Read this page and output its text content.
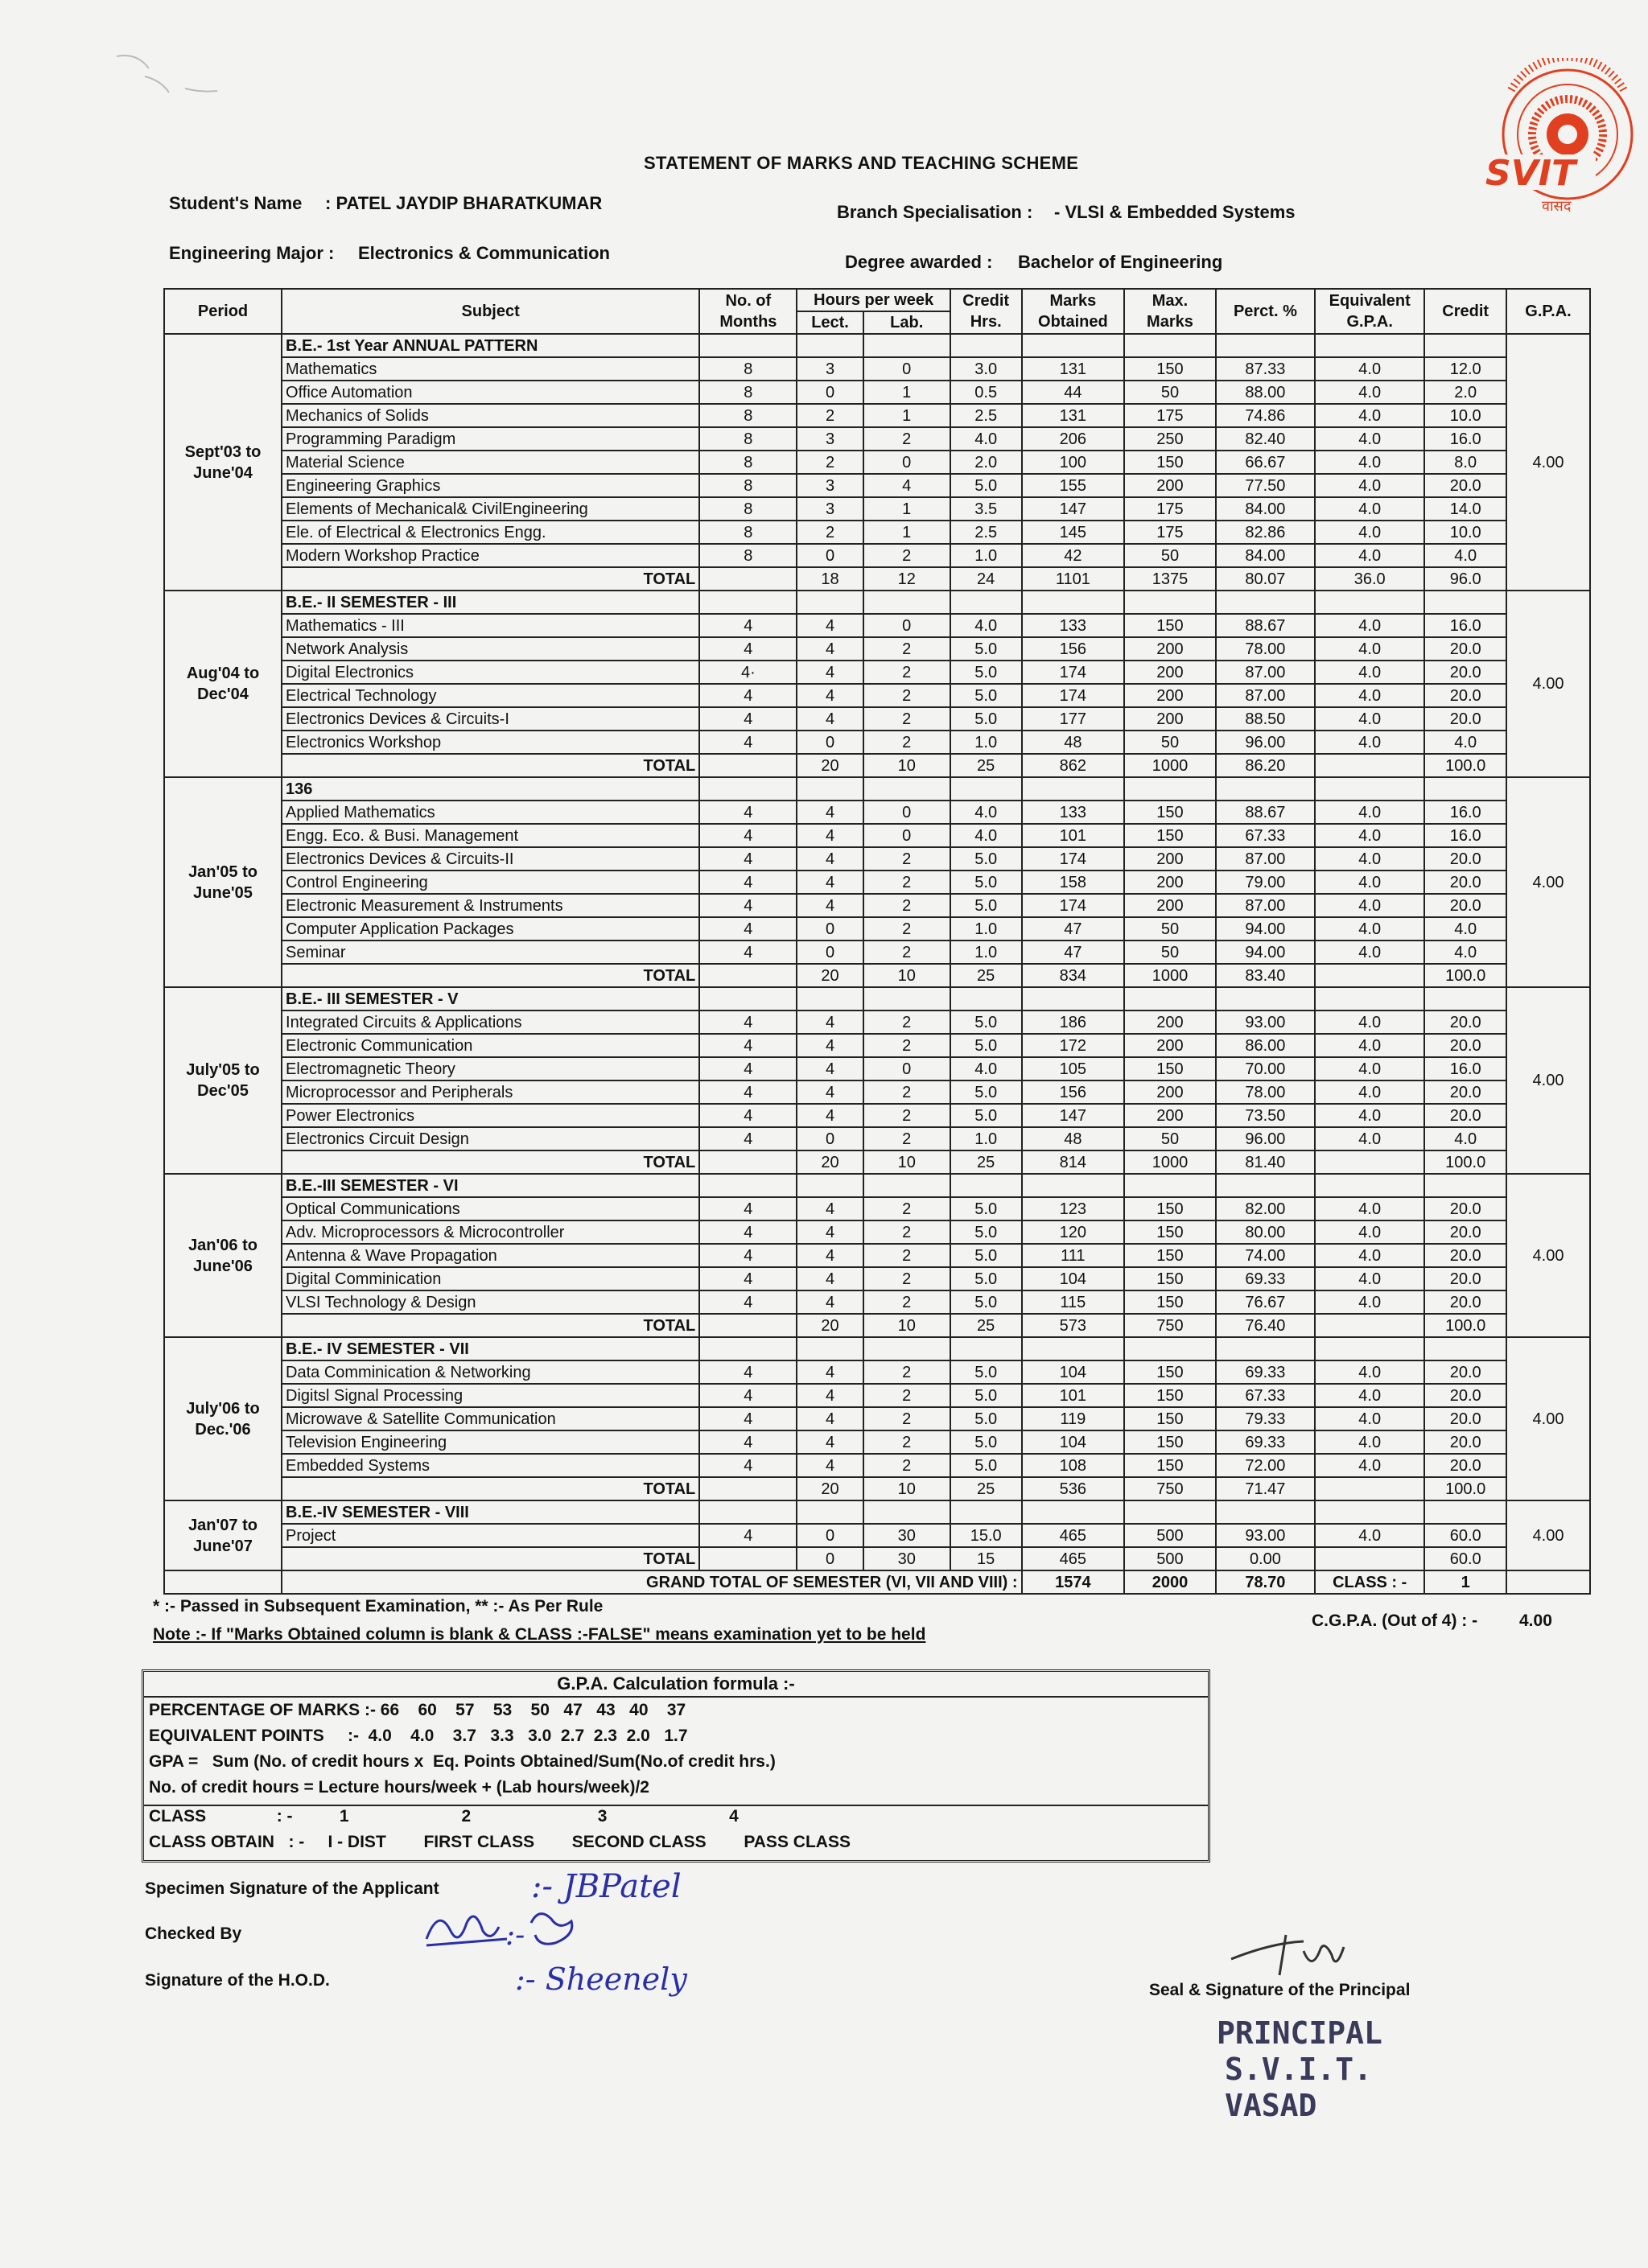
STATEMENT OF MARKS AND TEACHING SCHEME	SVIT
वासद
Student's Name : PATEL JAYDIP BHARATKUMAR	Branch Specialisation : - VLSI & Embedded Systems
Engineering Major : Electronics & Communication	Degree awarded : Bachelor of Engineering
Period	Subject	No. of Months	Hours per week		Credit Hrs.	Marks Obtained	Max. Marks	Perct. %	Equivalent G.P.A.	Credit	G.P.A.
			Lect.	Lab.							
Sept'03 to June'04	B.E.- 1st Year ANNUAL PATTERN										4.00
	Mathematics	8	3	0	3.0	131	150	87.33	4.0	12.0	
	Office Automation	8	0	1	0.5	44	50	88.00	4.0	2.0	
	Mechanics of Solids	8	2	1	2.5	131	175	74.86	4.0	10.0	
	Programming Paradigm	8	3	2	4.0	206	250	82.40	4.0	16.0	
	Material Science	8	2	0	2.0	100	150	66.67	4.0	8.0	
	Engineering Graphics	8	3	4	5.0	155	200	77.50	4.0	20.0	
	Elements of Mechanical& CivilEngineering	8	3	1	3.5	147	175	84.00	4.0	14.0	
	Ele. of Electrical & Electronics Engg.	8	2	1	2.5	145	175	82.86	4.0	10.0	
	Modern Workshop Practice	8	0	2	1.0	42	50	84.00	4.0	4.0	
	TOTAL		18	12	24	1101	1375	80.07	36.0	96.0	
Aug'04 to Dec'04	B.E.- II SEMESTER - III										4.00
	Mathematics - III	4	4	0	4.0	133	150	88.67	4.0	16.0	
	Network Analysis	4	4	2	5.0	156	200	78.00	4.0	20.0	
	Digital Electronics	4·	4	2	5.0	174	200	87.00	4.0	20.0	
	Electrical Technology	4	4	2	5.0	174	200	87.00	4.0	20.0	
	Electronics Devices & Circuits-I	4	4	2	5.0	177	200	88.50	4.0	20.0	
	Electronics Workshop	4	0	2	1.0	48	50	96.00	4.0	4.0	
	TOTAL		20	10	25	862	1000	86.20		100.0	
Jan'05 to June'05	136										4.00
	Applied Mathematics	4	4	0	4.0	133	150	88.67	4.0	16.0	
	Engg. Eco. & Busi. Management	4	4	0	4.0	101	150	67.33	4.0	16.0	
	Electronics Devices & Circuits-II	4	4	2	5.0	174	200	87.00	4.0	20.0	
	Control Engineering	4	4	2	5.0	158	200	79.00	4.0	20.0	
	Electronic Measurement & Instruments	4	4	2	5.0	174	200	87.00	4.0	20.0	
	Computer Application Packages	4	0	2	1.0	47	50	94.00	4.0	4.0	
	Seminar	4	0	2	1.0	47	50	94.00	4.0	4.0	
	TOTAL		20	10	25	834	1000	83.40		100.0	
July'05 to Dec'05	B.E.- III SEMESTER - V										4.00
	Integrated Circuits & Applications	4	4	2	5.0	186	200	93.00	4.0	20.0	
	Electronic Communication	4	4	2	5.0	172	200	86.00	4.0	20.0	
	Electromagnetic Theory	4	4	0	4.0	105	150	70.00	4.0	16.0	
	Microprocessor and Peripherals	4	4	2	5.0	156	200	78.00	4.0	20.0	
	Power Electronics	4	4	2	5.0	147	200	73.50	4.0	20.0	
	Electronics Circuit Design	4	0	2	1.0	48	50	96.00	4.0	4.0	
	TOTAL		20	10	25	814	1000	81.40		100.0	
Jan'06 to June'06	B.E.-III SEMESTER - VI										4.00
	Optical Communications	4	4	2	5.0	123	150	82.00	4.0	20.0	
	Adv. Microprocessors & Microcontroller	4	4	2	5.0	120	150	80.00	4.0	20.0	
	Antenna & Wave Propagation	4	4	2	5.0	111	150	74.00	4.0	20.0	
	Digital Comminication	4	4	2	5.0	104	150	69.33	4.0	20.0	
	VLSI Technology & Design	4	4	2	5.0	115	150	76.67	4.0	20.0	
	TOTAL		20	10	25	573	750	76.40		100.0	
July'06 to Dec.'06	B.E.- IV SEMESTER - VII										4.00
	Data Comminication & Networking	4	4	2	5.0	104	150	69.33	4.0	20.0	
	Digitsl Signal Processing	4	4	2	5.0	101	150	67.33	4.0	20.0	
	Microwave & Satellite Communication	4	4	2	5.0	119	150	79.33	4.0	20.0	
	Television Engineering	4	4	2	5.0	104	150	69.33	4.0	20.0	
	Embedded Systems	4	4	2	5.0	108	150	72.00	4.0	20.0	
	TOTAL		20	10	25	536	750	71.47		100.0	
Jan'07 to June'07	B.E.-IV SEMESTER - VIII										4.00
	Project	4	0	30	15.0	465	500	93.00	4.0	60.0	
	TOTAL		0	30	15	465	500	0.00		60.0	
	GRAND TOTAL OF SEMESTER (VI, VII AND VIII) :					1574	2000	78.70	CLASS : -	1	
* :- Passed in Subsequent Examination, ** :- As Per Rule
Note :- If "Marks Obtained column is blank & CLASS :-FALSE" means examination yet to be held
C.G.P.A. (Out of 4) : - 4.00
G.P.A. Calculation formula :-
PERCENTAGE OF MARKS :- 66    60    57    53    50   47   43   40    37
EQUIVALENT POINTS     :-  4.0    4.0    3.7   3.3   3.0  2.7  2.3  2.0   1.7
GPA =   Sum (No. of credit hours x  Eq. Points Obtained/Sum(No.of credit hrs.)
No. of credit hours = Lecture hours/week + (Lab hours/week)/2
CLASS               : -          1                        2                           3                          4
CLASS OBTAIN   : -     I - DIST        FIRST CLASS        SECOND CLASS        PASS CLASS
Specimen Signature of the Applicant	:- JBPatel
Checked By	:-
Signature of the H.O.D.	:- Sheenely	Seal & Signature of the Principal
PRINCIPAL
S.V.I.T.
VASAD
